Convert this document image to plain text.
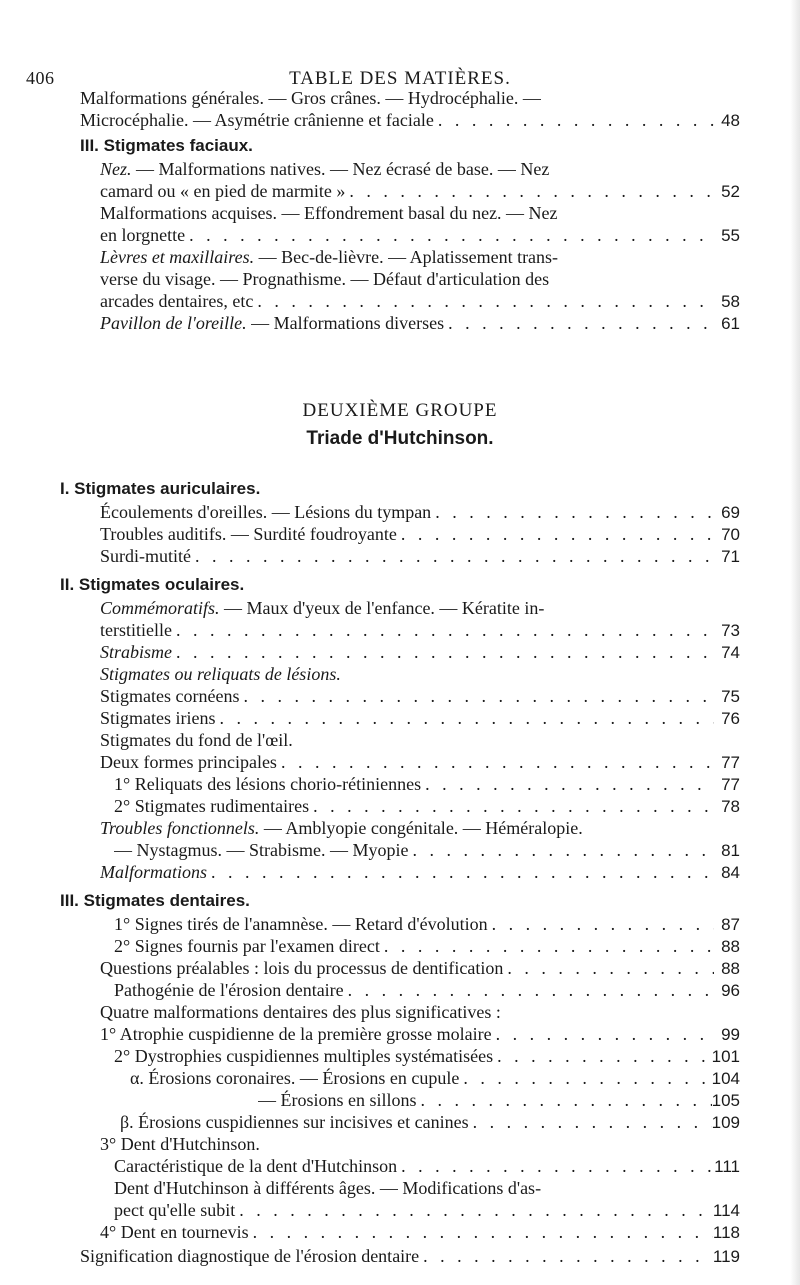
406	TABLE DES MATIÈRES.
Malformations générales. — Gros crânes. — Hydrocéphalie. —
Microcéphalie. — Asymétrie crânienne et faciale . . .	48
III. Stigmates faciaux.
Nez. — Malformations natives. — Nez écrasé de base. — Nez
camard ou « en pied de marmite » . . .	52
Malformations acquises. — Effondrement basal du nez. — Nez
en lorgnette . . .	55
Lèvres et maxillaires. — Bec-de-lièvre. — Aplatissement trans-
verse du visage. — Prognathisme. — Défaut d'articulation des
arcades dentaires, etc . . .	58
Pavillon de l'oreille. — Malformations diverses . . .	61
DEUXIÈME GROUPE
Triade d'Hutchinson.
I. Stigmates auriculaires.
Écoulements d'oreilles. — Lésions du tympan . . .	69
Troubles auditifs. — Surdité foudroyante . . .	70
Surdi-mutité . . .	71
II. Stigmates oculaires.
Commémoratifs. — Maux d'yeux de l'enfance. — Kératite in-
terstitielle . . .	73
Strabisme . . .	74
Stigmates ou reliquats de lésions.
Stigmates cornéens . . .	75
Stigmates iriens . . .	76
Stigmates du fond de l'œil.
Deux formes principales . . .	77
1° Reliquats des lésions chorio-rétiniennes . . .	77
2° Stigmates rudimentaires . . .	78
Troubles fonctionnels. — Amblyopie congénitale. — Héméralopie.
— Nystagmus. — Strabisme. — Myopie . . .	81
Malformations . . .	84
III. Stigmates dentaires.
1° Signes tirés de l'anamnèse. — Retard d'évolution . . .	87
2° Signes fournis par l'examen direct . . .	88
Questions préalables : lois du processus de dentification . . .	88
Pathogénie de l'érosion dentaire . . .	96
Quatre malformations dentaires des plus significatives :
1° Atrophie cuspidienne de la première grosse molaire . . .	99
2° Dystrophies cuspidiennes multiples systématisées . . .	101
α. Érosions coronaires. — Érosions en cupule . . .	104
— Érosions en sillons . . .	105
β. Érosions cuspidiennes sur incisives et canines . . .	109
3° Dent d'Hutchinson.
Caractéristique de la dent d'Hutchinson . . .	111
Dent d'Hutchinson à différents âges. — Modifications d'as-
pect qu'elle subit . . .	114
4° Dent en tournevis . . .	118
Signification diagnostique de l'érosion dentaire . . .	119
